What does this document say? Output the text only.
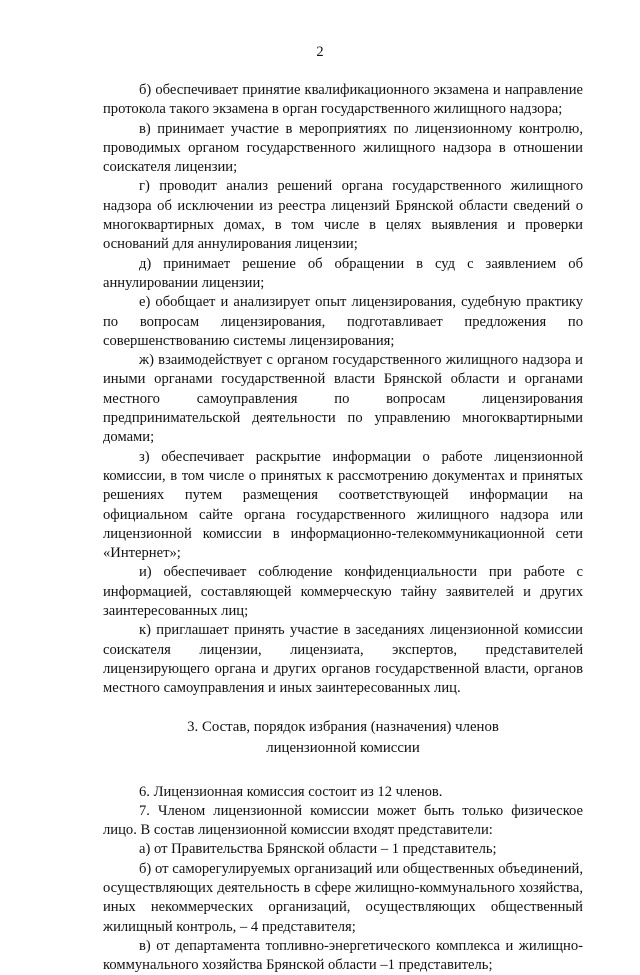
2

б) обеспечивает принятие квалификационного экзамена и направление протокола такого экзамена в орган государственного жилищного надзора;

в) принимает участие в мероприятиях по лицензионному контролю, проводимых органом государственного жилищного надзора в отношении соискателя лицензии;

г) проводит анализ решений органа государственного жилищного надзора об исключении из реестра лицензий Брянской области сведений о многоквартирных домах, в том числе в целях выявления и проверки оснований для аннулирования лицензии;

д) принимает решение об обращении в суд с заявлением об аннулировании лицензии;

е) обобщает и анализирует опыт лицензирования, судебную практику по вопросам лицензирования, подготавливает предложения по совершенствованию системы лицензирования;

ж) взаимодействует с органом государственного жилищного надзора и иными органами государственной власти Брянской области и органами местного самоуправления по вопросам лицензирования предпринимательской деятельности по управлению многоквартирными домами;

з) обеспечивает раскрытие информации о работе лицензионной комиссии, в том числе о принятых к рассмотрению документах и принятых решениях путем размещения соответствующей информации на официальном сайте органа государственного жилищного надзора или лицензионной комиссии в информационно-телекоммуникационной сети «Интернет»;

и) обеспечивает соблюдение конфиденциальности при работе с информацией, составляющей коммерческую тайну заявителей и других заинтересованных лиц;

к) приглашает принять участие в заседаниях лицензионной комиссии соискателя лицензии, лицензиата, экспертов, представителей лицензирующего органа и других органов государственной власти, органов местного самоуправления и иных заинтересованных лиц.

3. Состав, порядок избрания (назначения) членов
лицензионной комиссии

6. Лицензионная комиссия состоит из 12 членов.

7. Членом лицензионной комиссии может быть только физическое лицо. В состав лицензионной комиссии входят представители:

а) от Правительства Брянской области – 1 представитель;

б) от саморегулируемых организаций или общественных объединений, осуществляющих деятельность в сфере жилищно-коммунального хозяйства, иных некоммерческих организаций, осуществляющих общественный жилищный контроль, – 4 представителя;

в) от департамента топливно-энергетического комплекса и жилищно-коммунального хозяйства Брянской области –1 представитель;
